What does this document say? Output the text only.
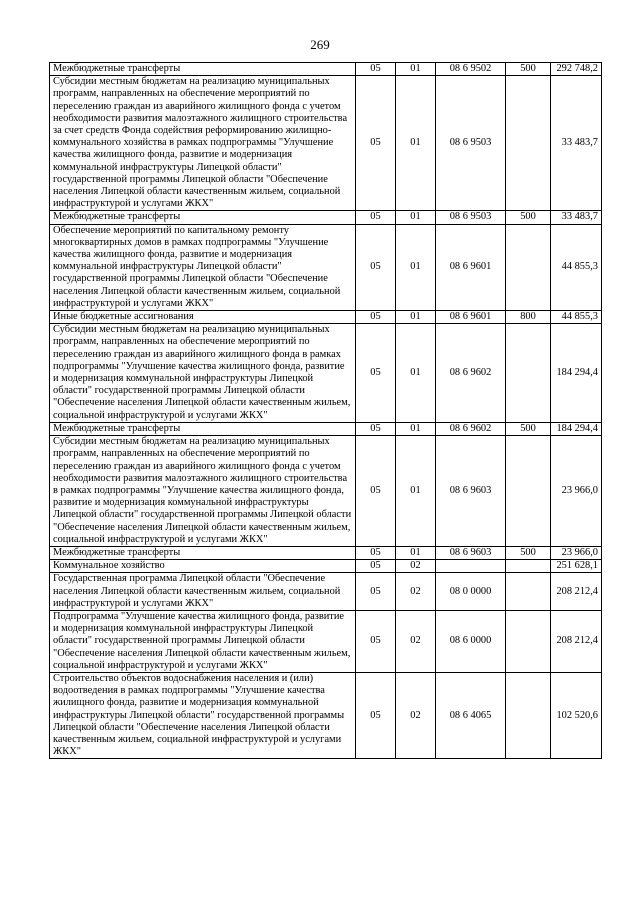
269
Межбюджетные трансферты	05	01	08 6 9502	500	292 748,2
Субсидии местным бюджетам на реализацию муниципальных программ, направленных на обеспечение мероприятий по переселению граждан из аварийного жилищного фонда с учетом необходимости развития малоэтажного жилищного строительства за счет средств Фонда содействия реформированию жилищно-коммунального хозяйства в рамках подпрограммы "Улучшение качества жилищного фонда, развитие и модернизация коммунальной инфраструктуры Липецкой области" государственной программы Липецкой области "Обеспечение населения Липецкой области качественным жильем, социальной инфраструктурой и услугами ЖКХ"	05	01	08 6 9503		33 483,7
Межбюджетные трансферты	05	01	08 6 9503	500	33 483,7
Обеспечение мероприятий по капитальному ремонту многоквартирных домов в рамках подпрограммы "Улучшение качества жилищного фонда, развитие и модернизация коммунальной инфраструктуры Липецкой области" государственной программы Липецкой области "Обеспечение населения Липецкой области качественным жильем, социальной инфраструктурой и услугами ЖКХ"	05	01	08 6 9601		44 855,3
Иные бюджетные ассигнования	05	01	08 6 9601	800	44 855,3
Субсидии местным бюджетам на реализацию муниципальных программ, направленных на обеспечение мероприятий по переселению граждан из аварийного жилищного фонда в рамках подпрограммы "Улучшение качества жилищного фонда, развитие и модернизация коммунальной инфраструктуры Липецкой области" государственной программы Липецкой области "Обеспечение населения Липецкой области качественным жильем, социальной инфраструктурой и услугами ЖКХ"	05	01	08 6 9602		184 294,4
Межбюджетные трансферты	05	01	08 6 9602	500	184 294,4
Субсидии местным бюджетам на реализацию муниципальных программ, направленных на обеспечение мероприятий по переселению граждан из аварийного жилищного фонда с учетом необходимости развития малоэтажного жилищного строительства в рамках подпрограммы "Улучшение качества жилищного фонда, развитие и модернизация коммунальной инфраструктуры Липецкой области" государственной программы Липецкой области "Обеспечение населения Липецкой области качественным жильем, социальной инфраструктурой и услугами ЖКХ"	05	01	08 6 9603		23 966,0
Межбюджетные трансферты	05	01	08 6 9603	500	23 966,0
Коммунальное хозяйство	05	02			251 628,1
Государственная программа Липецкой области "Обеспечение населения Липецкой области качественным жильем, социальной инфраструктурой и услугами ЖКХ"	05	02	08 0 0000		208 212,4
Подпрограмма "Улучшение качества жилищного фонда, развитие и модернизация коммунальной инфраструктуры Липецкой области" государственной программы Липецкой области "Обеспечение населения Липецкой области качественным жильем, социальной инфраструктурой и услугами ЖКХ"	05	02	08 6 0000		208 212,4
Строительство объектов водоснабжения населения и (или) водоотведения в рамках подпрограммы "Улучшение качества жилищного фонда, развитие и модернизация коммунальной инфраструктуры Липецкой области" государственной программы Липецкой области "Обеспечение населения Липецкой области качественным жильем, социальной инфраструктурой и услугами ЖКХ"	05	02	08 6 4065		102 520,6
